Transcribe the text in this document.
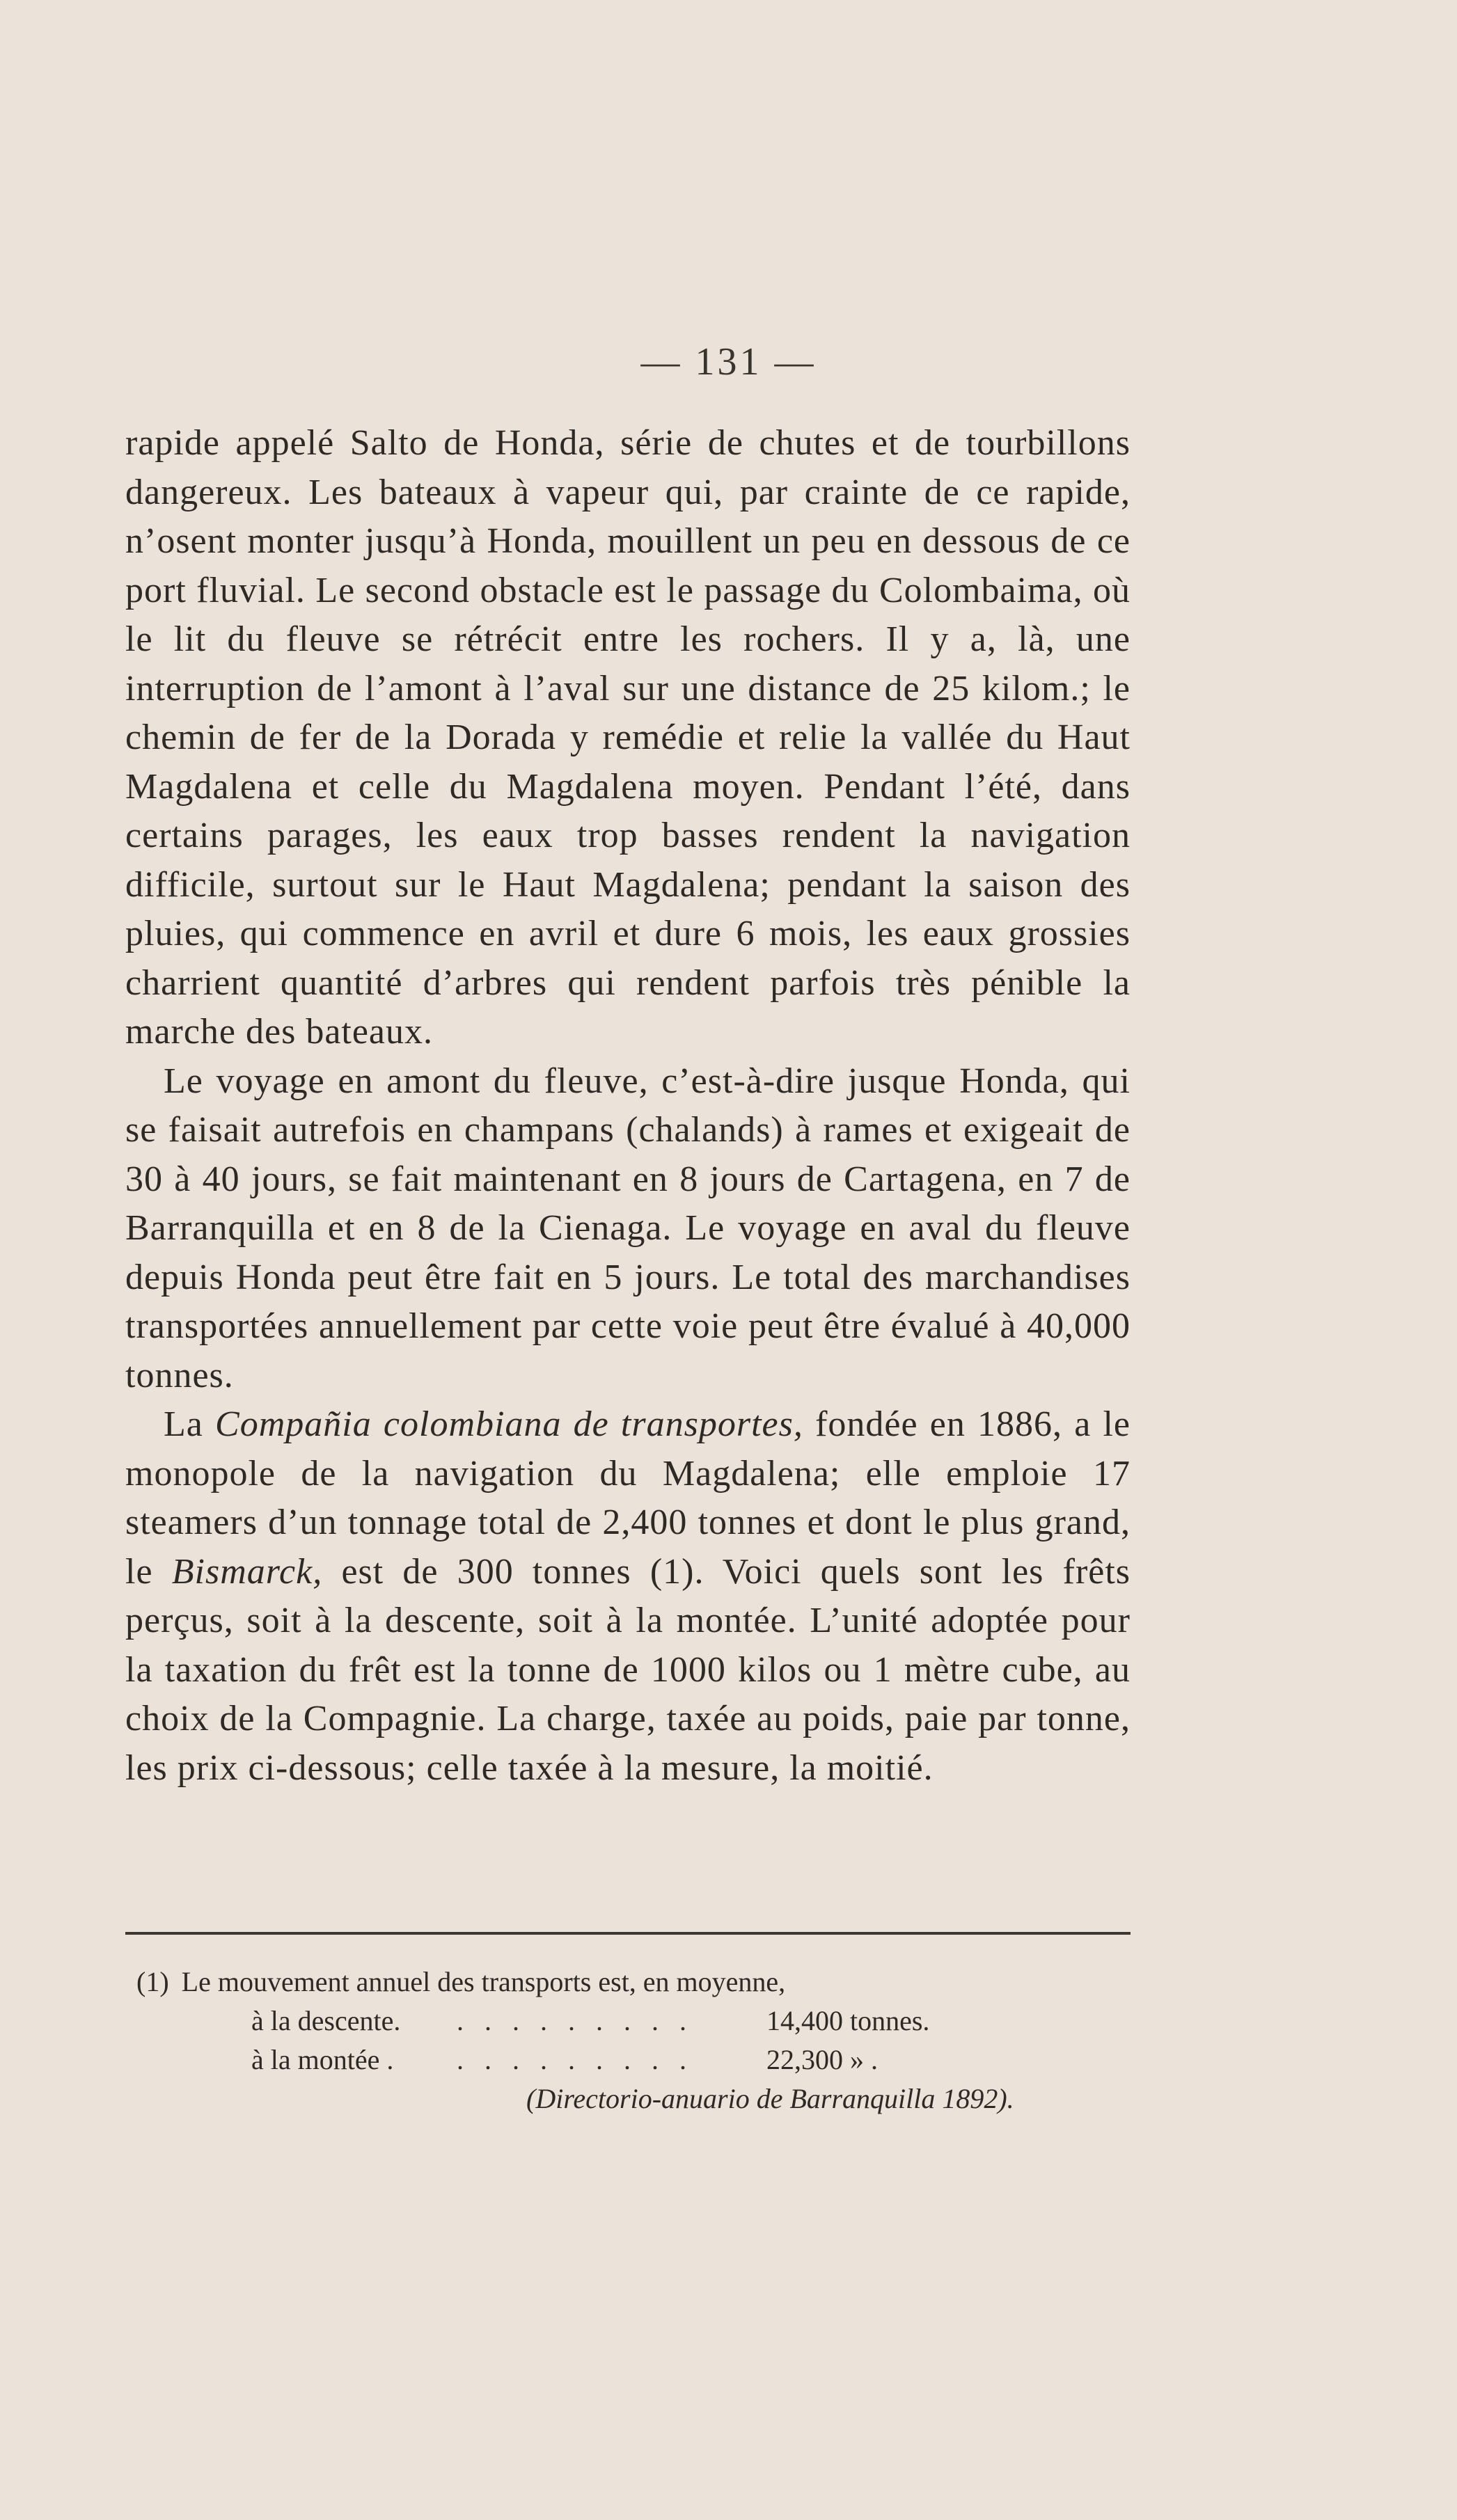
— 131 —

rapide appelé Salto de Honda, série de chutes et de tourbillons dangereux. Les bateaux à vapeur qui, par crainte de ce rapide, n’osent monter jusqu’à Honda, mouillent un peu en dessous de ce port fluvial. Le second obstacle est le passage du Colombaima, où le lit du fleuve se rétrécit entre les rochers. Il y a, là, une interruption de l’amont à l’aval sur une distance de 25 kilom.; le chemin de fer de la Dorada y remédie et relie la vallée du Haut Magdalena et celle du Magdalena moyen. Pendant l’été, dans certains parages, les eaux trop basses rendent la navigation difficile, surtout sur le Haut Magdalena; pendant la saison des pluies, qui commence en avril et dure 6 mois, les eaux grossies charrient quantité d’arbres qui rendent parfois très pénible la marche des bateaux.

Le voyage en amont du fleuve, c’est-à-dire jusque Honda, qui se faisait autrefois en champans (chalands) à rames et exigeait de 30 à 40 jours, se fait maintenant en 8 jours de Cartagena, en 7 de Barranquilla et en 8 de la Cienaga. Le voyage en aval du fleuve depuis Honda peut être fait en 5 jours. Le total des marchandises transportées annuellement par cette voie peut être évalué à 40,000 tonnes.

La Compañia colombiana de transportes, fondée en 1886, a le monopole de la navigation du Magdalena; elle emploie 17 steamers d’un tonnage total de 2,400 tonnes et dont le plus grand, le Bismarck, est de 300 tonnes (1). Voici quels sont les frêts perçus, soit à la descente, soit à la montée. L’unité adoptée pour la taxation du frêt est la tonne de 1000 kilos ou 1 mètre cube, au choix de la Compagnie. La charge, taxée au poids, paie par tonne, les prix ci-dessous; celle taxée à la mesure, la moitié.

(1) Le mouvement annuel des transports est, en moyenne,
à la descente. . . . . . . . . .	14,400 tonnes.
à la montée . . . . . . . . . .	22,300 » .
(Directorio-anuario de Barranquilla 1892).
